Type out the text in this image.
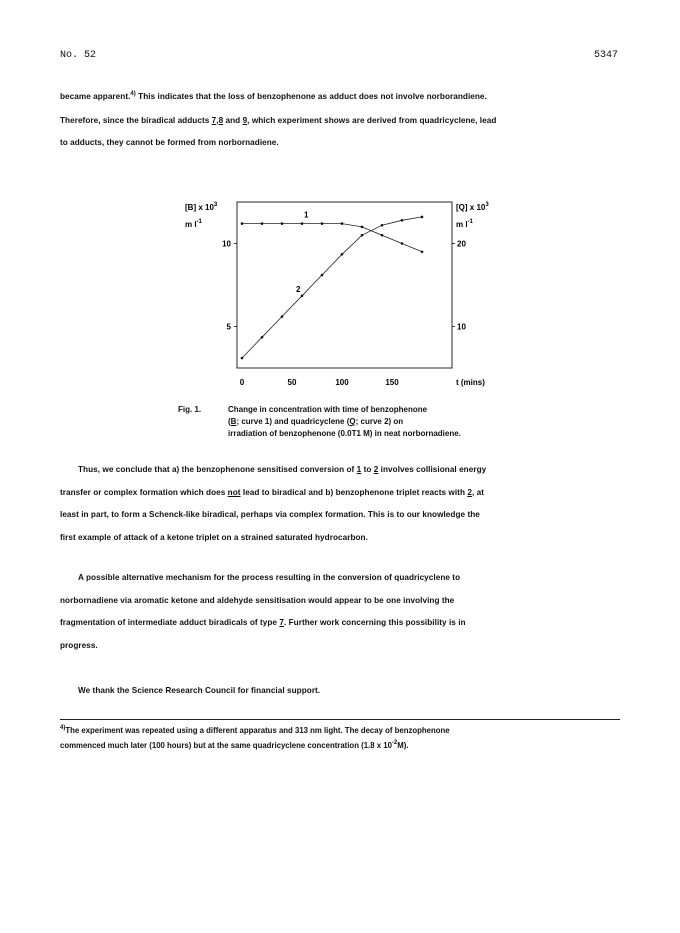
No. 52	5347
became apparent.$^{4)}$ This indicates that the loss of benzophenone as adduct does not involve norborandiene.
Therefore, since the biradical adducts 7,8 and 9, which experiment shows are derived from quadricyclene, lead
to adducts, they cannot be formed from norbornadiene.
[B] x $10^3$
m $l^{-1}$
[Q] x $10^3$
m $l^{-1}$
t (mins)
0	50	100	150
5
10
10
20
1
2
Fig. 1.	Change in concentration with time of benzophenone
(B; curve 1) and quadricyclene (Q; curve 2) on
irradiation of benzophenone (0.0T1 M) in neat norbornadiene.
Thus, we conclude that a) the benzophenone sensitised conversion of 1 to 2 involves collisional energy
transfer or complex formation which does not lead to biradical and b) benzophenone triplet reacts with 2, at
least in part, to form a Schenck-like biradical, perhaps via complex formation. This is to our knowledge the
first example of attack of a ketone triplet on a strained saturated hydrocarbon.
A possible alternative mechanism for the process resulting in the conversion of quadricyclene to
norbornadiene via aromatic ketone and aldehyde sensitisation would appear to be one involving the
fragmentation of intermediate adduct biradicals of type 7. Further work concerning this possibility is in
progress.
We thank the Science Research Council for financial support.
$^{4)}$The experiment was repeated using a different apparatus and 313 nm light. The decay of benzophenone
commenced much later (100 hours) but at the same quadricyclene concentration (1.8 x $10^{-2}M$).
